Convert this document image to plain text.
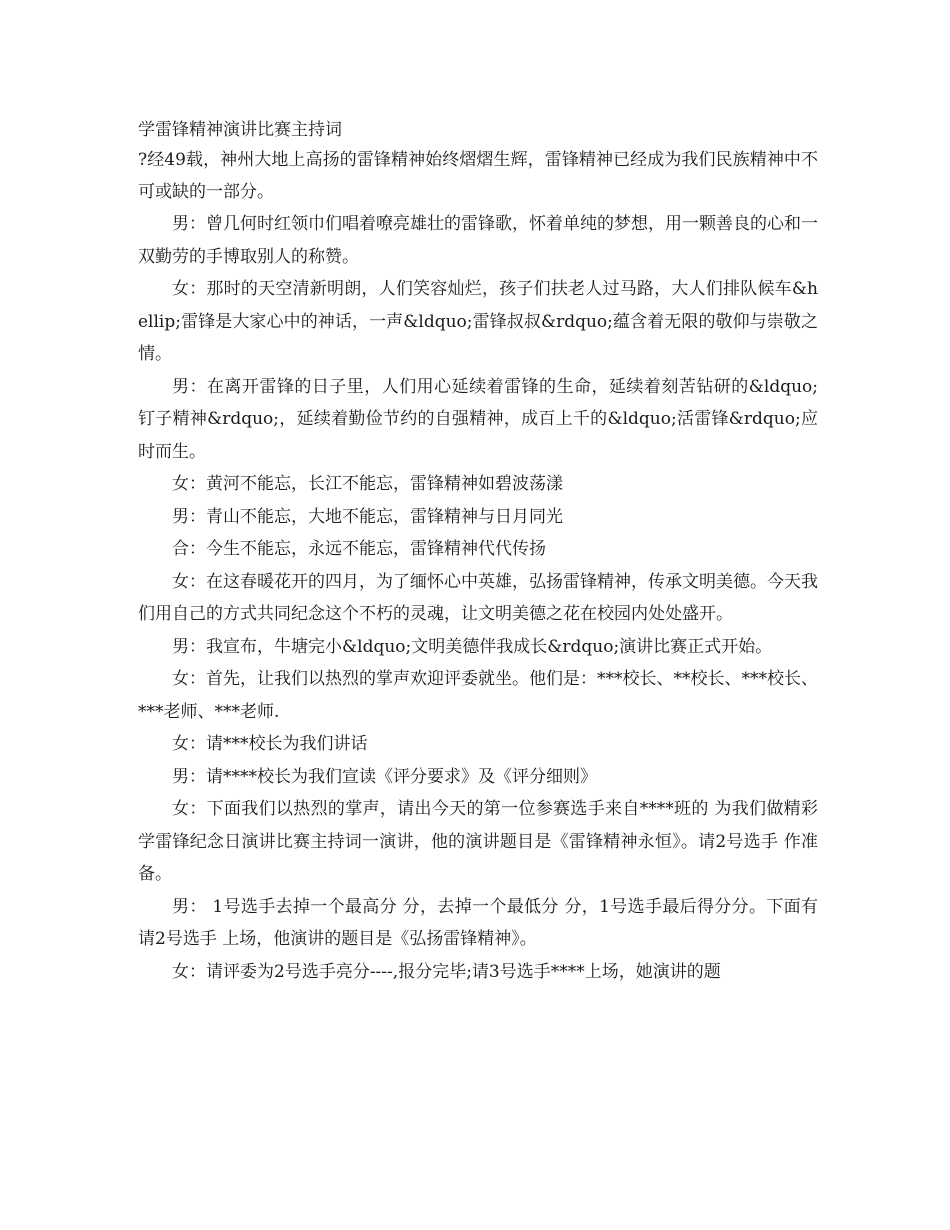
学雷锋精神演讲比赛主持词

?经49载，神州大地上高扬的雷锋精神始终熠熠生辉，雷锋精神已经成为我们民族精神中不可或缺的一部分。

男：曾几何时红领巾们唱着嘹亮雄壮的雷锋歌，怀着单纯的梦想，用一颗善良的心和一双勤劳的手博取别人的称赞。

女：那时的天空清新明朗，人们笑容灿烂，孩子们扶老人过马路，大人们排队候车&hellip;雷锋是大家心中的神话，一声&ldquo;雷锋叔叔&rdquo;蕴含着无限的敬仰与崇敬之情。

男：在离开雷锋的日子里，人们用心延续着雷锋的生命，延续着刻苦钻研的&ldquo;钉子精神&rdquo;，延续着勤俭节约的自强精神，成百上千的&ldquo;活雷锋&rdquo;应时而生。

女：黄河不能忘，长江不能忘，雷锋精神如碧波荡漾

男：青山不能忘，大地不能忘，雷锋精神与日月同光

合：今生不能忘，永远不能忘，雷锋精神代代传扬

女：在这春暖花开的四月，为了缅怀心中英雄，弘扬雷锋精神，传承文明美德。今天我们用自己的方式共同纪念这个不朽的灵魂，让文明美德之花在校园内处处盛开。

男：我宣布，牛塘完小&ldquo;文明美德伴我成长&rdquo;演讲比赛正式开始。

女：首先，让我们以热烈的掌声欢迎评委就坐。他们是：***校长、**校长、***校长、***老师、***老师.

女：请***校长为我们讲话

男：请****校长为我们宣读《评分要求》及《评分细则》

女：下面我们以热烈的掌声，请出今天的第一位参赛选手来自****班的 为我们做精彩学雷锋纪念日演讲比赛主持词一演讲，他的演讲题目是《雷锋精神永恒》。请2号选手 作准备。

男： 1号选手去掉一个最高分 分，去掉一个最低分 分，1号选手最后得分分。下面有请2号选手 上场，他演讲的题目是《弘扬雷锋精神》。

女：请评委为2号选手亮分----,报分完毕;请3号选手****上场，她演讲的题
